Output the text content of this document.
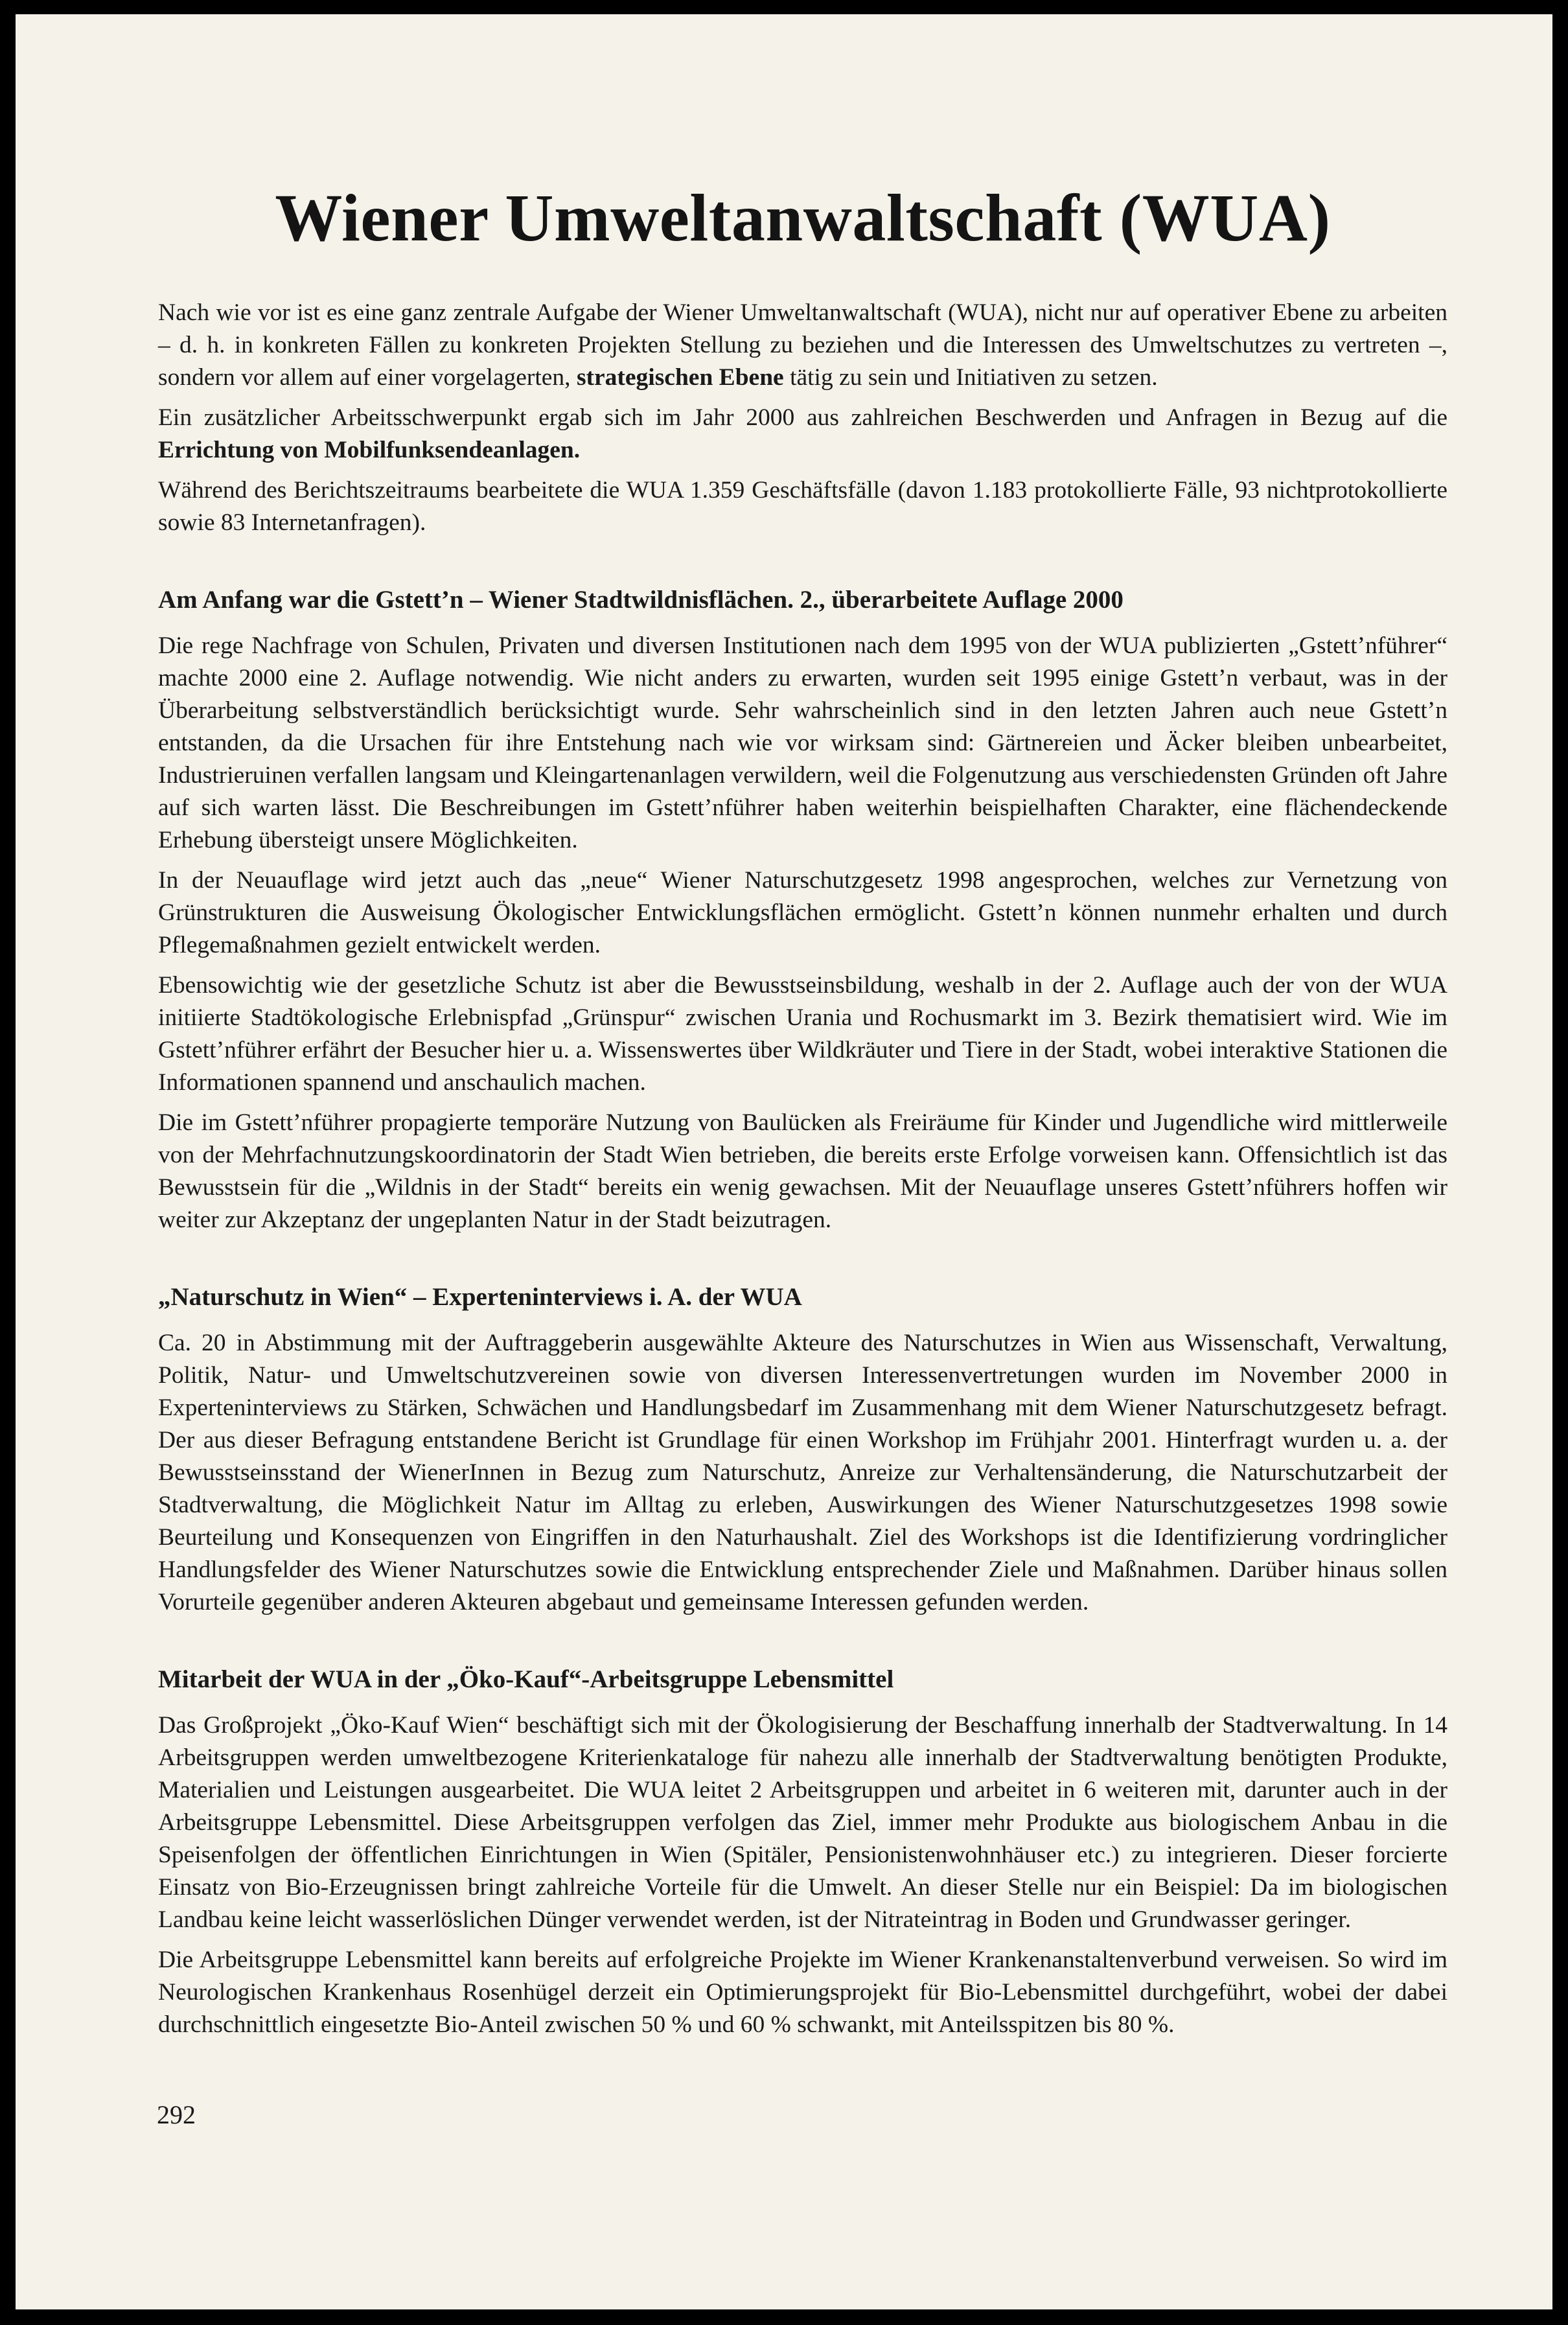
Wiener Umweltanwaltschaft (WUA)

Nach wie vor ist es eine ganz zentrale Aufgabe der Wiener Umweltanwaltschaft (WUA), nicht nur auf operativer Ebene zu arbeiten – d. h. in konkreten Fällen zu konkreten Projekten Stellung zu beziehen und die Interessen des Umweltschutzes zu vertreten –, sondern vor allem auf einer vorgelagerten, strategischen Ebene tätig zu sein und Initiativen zu setzen.

Ein zusätzlicher Arbeitsschwerpunkt ergab sich im Jahr 2000 aus zahlreichen Beschwerden und Anfragen in Bezug auf die Errichtung von Mobilfunksendeanlagen.

Während des Berichtszeitraums bearbeitete die WUA 1.359 Geschäftsfälle (davon 1.183 protokollierte Fälle, 93 nichtprotokollierte sowie 83 Internetanfragen).

Am Anfang war die Gstett’n – Wiener Stadtwildnisflächen. 2., überarbeitete Auflage 2000

Die rege Nachfrage von Schulen, Privaten und diversen Institutionen nach dem 1995 von der WUA publizierten „Gstett’nführer“ machte 2000 eine 2. Auflage notwendig. Wie nicht anders zu erwarten, wurden seit 1995 einige Gstett’n verbaut, was in der Überarbeitung selbstverständlich berücksichtigt wurde. Sehr wahrscheinlich sind in den letzten Jahren auch neue Gstett’n entstanden, da die Ursachen für ihre Entstehung nach wie vor wirksam sind: Gärtnereien und Äcker bleiben unbearbeitet, Industrieruinen verfallen langsam und Kleingartenanlagen verwildern, weil die Folgenutzung aus verschiedensten Gründen oft Jahre auf sich warten lässt. Die Beschreibungen im Gstett’nführer haben weiterhin beispielhaften Charakter, eine flächendeckende Erhebung übersteigt unsere Möglichkeiten.

In der Neuauflage wird jetzt auch das „neue“ Wiener Naturschutzgesetz 1998 angesprochen, welches zur Vernetzung von Grünstrukturen die Ausweisung Ökologischer Entwicklungsflächen ermöglicht. Gstett’n können nunmehr erhalten und durch Pflegemaßnahmen gezielt entwickelt werden.

Ebensowichtig wie der gesetzliche Schutz ist aber die Bewusstseinsbildung, weshalb in der 2. Auflage auch der von der WUA initiierte Stadtökologische Erlebnispfad „Grünspur“ zwischen Urania und Rochusmarkt im 3. Bezirk thematisiert wird. Wie im Gstett’nführer erfährt der Besucher hier u. a. Wissenswertes über Wildkräuter und Tiere in der Stadt, wobei interaktive Stationen die Informationen spannend und anschaulich machen.

Die im Gstett’nführer propagierte temporäre Nutzung von Baulücken als Freiräume für Kinder und Jugendliche wird mittlerweile von der Mehrfachnutzungskoordinatorin der Stadt Wien betrieben, die bereits erste Erfolge vorweisen kann. Offensichtlich ist das Bewusstsein für die „Wildnis in der Stadt“ bereits ein wenig gewachsen. Mit der Neuauflage unseres Gstett’nführers hoffen wir weiter zur Akzeptanz der ungeplanten Natur in der Stadt beizutragen.

„Naturschutz in Wien“ – Experteninterviews i. A. der WUA

Ca. 20 in Abstimmung mit der Auftraggeberin ausgewählte Akteure des Naturschutzes in Wien aus Wissenschaft, Verwaltung, Politik, Natur- und Umweltschutzvereinen sowie von diversen Interessenvertretungen wurden im November 2000 in Experteninterviews zu Stärken, Schwächen und Handlungsbedarf im Zusammenhang mit dem Wiener Naturschutzgesetz befragt. Der aus dieser Befragung entstandene Bericht ist Grundlage für einen Workshop im Frühjahr 2001. Hinterfragt wurden u. a. der Bewusstseinsstand der WienerInnen in Bezug zum Naturschutz, Anreize zur Verhaltensänderung, die Naturschutzarbeit der Stadtverwaltung, die Möglichkeit Natur im Alltag zu erleben, Auswirkungen des Wiener Naturschutzgesetzes 1998 sowie Beurteilung und Konsequenzen von Eingriffen in den Naturhaushalt. Ziel des Workshops ist die Identifizierung vordringlicher Handlungsfelder des Wiener Naturschutzes sowie die Entwicklung entsprechender Ziele und Maßnahmen. Darüber hinaus sollen Vorurteile gegenüber anderen Akteuren abgebaut und gemeinsame Interessen gefunden werden.

Mitarbeit der WUA in der „Öko-Kauf“-Arbeitsgruppe Lebensmittel

Das Großprojekt „Öko-Kauf Wien“ beschäftigt sich mit der Ökologisierung der Beschaffung innerhalb der Stadtverwaltung. In 14 Arbeitsgruppen werden umweltbezogene Kriterienkataloge für nahezu alle innerhalb der Stadtverwaltung benötigten Produkte, Materialien und Leistungen ausgearbeitet. Die WUA leitet 2 Arbeitsgruppen und arbeitet in 6 weiteren mit, darunter auch in der Arbeitsgruppe Lebensmittel. Diese Arbeitsgruppen verfolgen das Ziel, immer mehr Produkte aus biologischem Anbau in die Speisenfolgen der öffentlichen Einrichtungen in Wien (Spitäler, Pensionistenwohnhäuser etc.) zu integrieren. Dieser forcierte Einsatz von Bio-Erzeugnissen bringt zahlreiche Vorteile für die Umwelt. An dieser Stelle nur ein Beispiel: Da im biologischen Landbau keine leicht wasserlöslichen Dünger verwendet werden, ist der Nitrateintrag in Boden und Grundwasser geringer.

Die Arbeitsgruppe Lebensmittel kann bereits auf erfolgreiche Projekte im Wiener Krankenanstaltenverbund verweisen. So wird im Neurologischen Krankenhaus Rosenhügel derzeit ein Optimierungsprojekt für Bio-Lebensmittel durchgeführt, wobei der dabei durchschnittlich eingesetzte Bio-Anteil zwischen 50 % und 60 % schwankt, mit Anteilsspitzen bis 80 %.

292
